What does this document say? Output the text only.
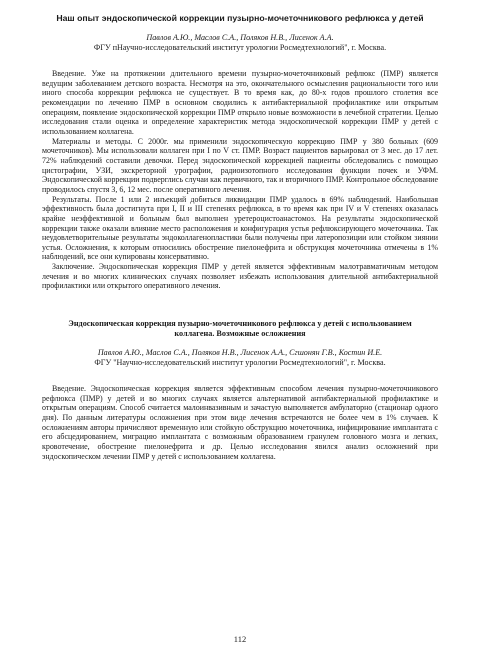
Наш опыт эндоскопической коррекции пузырно-мочеточникового рефлюкса у детей

Павлов А.Ю., Маслов С.А., Поляков Н.В., Лисенок А.А.

ФГУ пНаучно-исследовательский институт урологии Росмедтехнологий", г. Москва.

Введение. Уже на протяжении длительного времени пузырно-мочеточниковый рефлюкс (ПМР) является ведущим заболеванием детского возраста. Несмотря на это, окончательного осмысления рациональности того или иного способа коррекции рефлюкса не существует. В то время как, до 80-х годов прошлого столетия все рекомендации по лечению ПМР в основном сводились к антибактериальной профилактике или открытым операциям, появление эндоскопической коррекции ПМР открыло новые возможности в лечебной стратегии. Целью исследования стали оценка и определение характеристик метода эндоскопической коррекции ПМР у детей с использованием коллагена.

Материалы и методы. С 2000г. мы применили эндоскопическую коррекцию ПМР у 380 больных (609 мочеточников). Мы использовали коллаген при I по V ст. ПМР. Возраст пациентов варьировал от 3 мес. до 17 лет. 72% наблюдений составили девочки. Перед эндоскопической коррекцией пациенты обследовались с помощью цистографии, УЗИ, экскреторной урографии, радиоизотопного исследования функции почек и УФМ. Эндоскопической коррекции подверглись случаи как первичного, так и вторичного ПМР. Контрольное обследование проводилось спустя 3, 6, 12 мес. после оперативного лечения.

Результаты. После 1 или 2 инъекций добиться ликвидации ПМР удалось в 69% наблюдений. Наибольшая эффективность была достигнута при I, II и III степенях рефлюкса, в то время как при IV и V степенях оказалась крайне неэффективной и больным был выполнен уретероцистоанастомоз. На результаты эндоскопической коррекции также оказали влияние место расположения и конфигурация устья рефлюксирующего мочеточника. Так неудовлетворительные результаты эндоколлагенопластики были получены при латеропозиции или стойком зиянии устья. Осложнения, к которым относились обострение пиелонефрита и обструкция мочеточника отмечены в 1% наблюдений, все они купированы консервативно.

Заключение. Эндоскопическая коррекция ПМР у детей является эффективным малотравматичным методом лечения и во многих клинических случаях позволяет избежать использования длительной антибактериальной профилактики или открытого оперативного лечения.

Эндоскопическая коррекция пузырно-мочеточникового рефлюкса у детей с использованием коллагена. Возможные осложнения

Павлов А.Ю., Маслов С.А., Поляков Н.В., Лисенок А.А., Сгшонян Г.В., Костин И.Е.

ФГУ "Научно-исследовательский институт урологии Росмедтехнологий", г. Москва.

Введение. Эндоскопическая коррекция является эффективным способом лечения пузырно-мочеточникового рефлюкса (ПМР) у детей и во многих случаях является альтернативой антибактериальной профилактике и открытым операциям. Способ считается малоинвазивным и зачастую выполняется амбулаторно (стационар одного дня). По данным литературы осложнения при этом виде лечения встречаются не более чем в 1% случаев. К осложнениям авторы причисляют временную или стойкую обструкцию мочеточника, инфицирование имплантата с его абсцедированием, миграцию имплантата с возможным образованием гранулем головного мозга и легких, кровотечение, обострение пиелонефрита и др. Целью исследования явился анализ осложнений при эндоскопическом лечении ПМР у детей с использованием коллагена.

112
